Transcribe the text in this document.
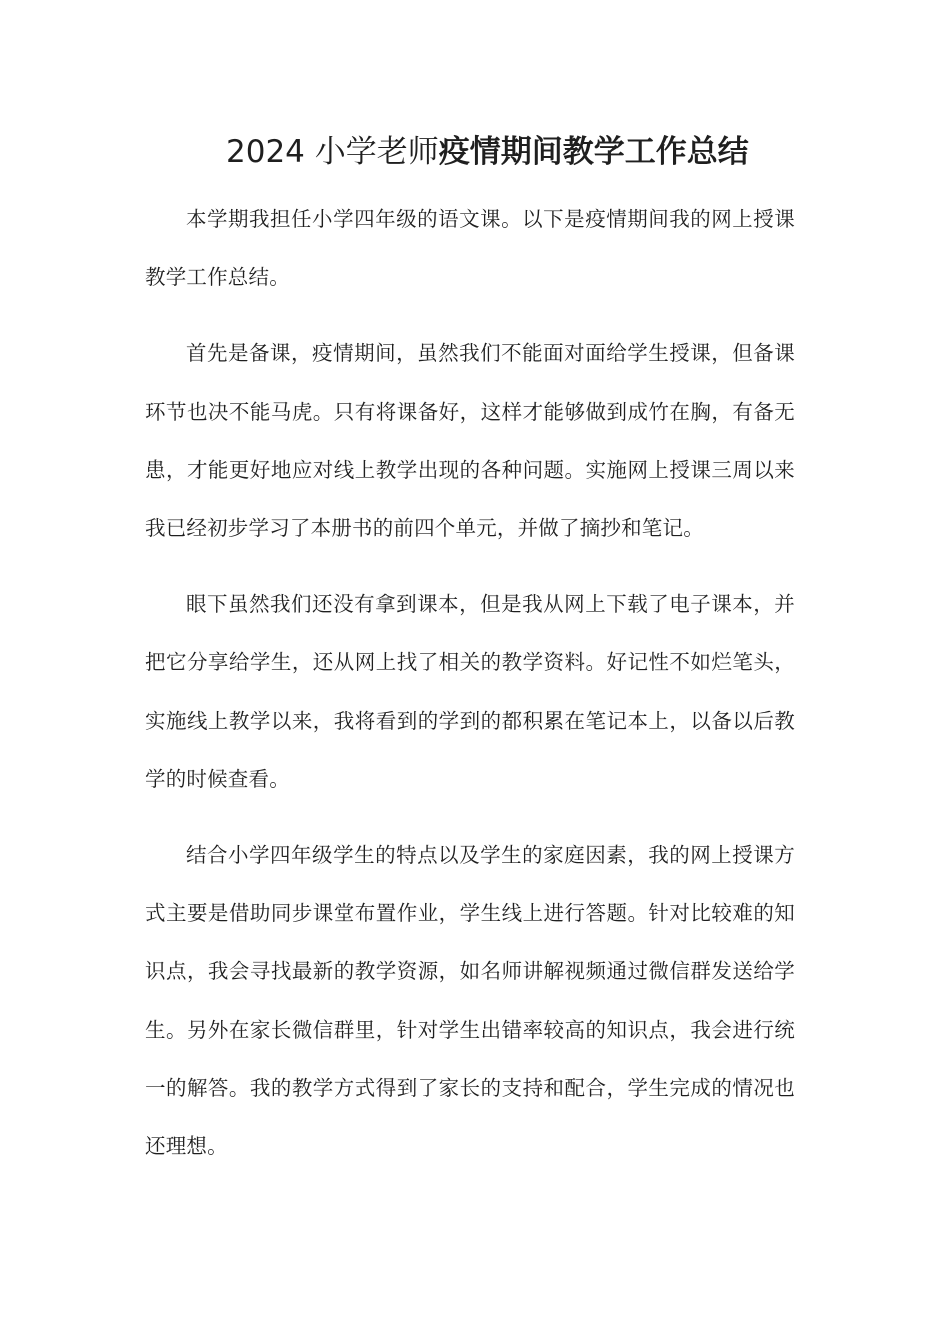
2024 小学老师疫情期间教学工作总结

本学期我担任小学四年级的语文课。以下是疫情期间我的网上授课教学工作总结。

首先是备课，疫情期间，虽然我们不能面对面给学生授课，但备课环节也决不能马虎。只有将课备好，这样才能够做到成竹在胸，有备无患，才能更好地应对线上教学出现的各种问题。实施网上授课三周以来我已经初步学习了本册书的前四个单元，并做了摘抄和笔记。

眼下虽然我们还没有拿到课本，但是我从网上下载了电子课本，并把它分享给学生，还从网上找了相关的教学资料。好记性不如烂笔头，实施线上教学以来，我将看到的学到的都积累在笔记本上，以备以后教学的时候查看。

结合小学四年级学生的特点以及学生的家庭因素，我的网上授课方式主要是借助同步课堂布置作业，学生线上进行答题。针对比较难的知识点，我会寻找最新的教学资源，如名师讲解视频通过微信群发送给学生。另外在家长微信群里，针对学生出错率较高的知识点，我会进行统一的解答。我的教学方式得到了家长的支持和配合，学生完成的情况也还理想。
